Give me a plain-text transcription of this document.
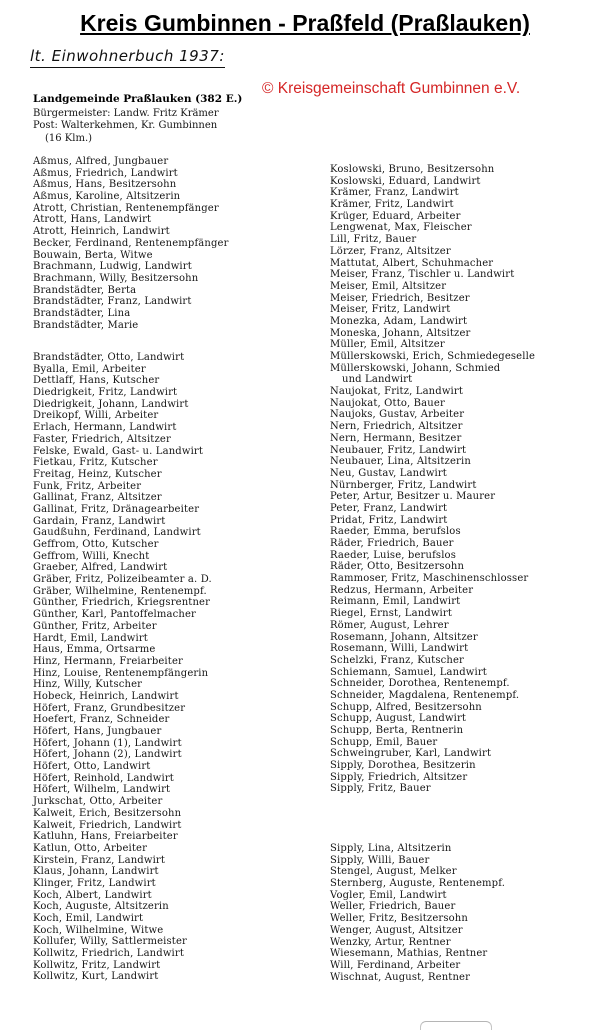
Kreis Gumbinnen - Praßfeld (Praßlauken)
lt. Einwohnerbuch 1937:
© Kreisgemeinschaft Gumbinnen e.V.
Landgemeinde Praßlauken (382 E.)
Bürgermeister: Landw. Fritz Krämer
Post: Walterkehmen, Kr. Gumbinnen
(16 Klm.)
Aßmus, Alfred, Jungbauer
Aßmus, Friedrich, Landwirt
Aßmus, Hans, Besitzersohn
Aßmus, Karoline, Altsitzerin
Atrott, Christian, Rentenempfänger
Atrott, Hans, Landwirt
Atrott, Heinrich, Landwirt
Becker, Ferdinand, Rentenempfänger
Bouwain, Berta, Witwe
Brachmann, Ludwig, Landwirt
Brachmann, Willy, Besitzersohn
Brandstädter, Berta
Brandstädter, Franz, Landwirt
Brandstädter, Lina
Brandstädter, Marie
Brandstädter, Otto, Landwirt
Byalla, Emil, Arbeiter
Dettlaff, Hans, Kutscher
Diedrigkeit, Fritz, Landwirt
Diedrigkeit, Johann, Landwirt
Dreikopf, Willi, Arbeiter
Erlach, Hermann, Landwirt
Faster, Friedrich, Altsitzer
Felske, Ewald, Gast- u. Landwirt
Fietkau, Fritz, Kutscher
Freitag, Heinz, Kutscher
Funk, Fritz, Arbeiter
Gallinat, Franz, Altsitzer
Gallinat, Fritz, Dränagearbeiter
Gardain, Franz, Landwirt
Gaudßuhn, Ferdinand, Landwirt
Geffrom, Otto, Kutscher
Geffrom, Willi, Knecht
Graeber, Alfred, Landwirt
Gräber, Fritz, Polizeibeamter a. D.
Gräber, Wilhelmine, Rentenempf.
Günther, Friedrich, Kriegsrentner
Günther, Karl, Pantoffelmacher
Günther, Fritz, Arbeiter
Hardt, Emil, Landwirt
Haus, Emma, Ortsarme
Hinz, Hermann, Freiarbeiter
Hinz, Louise, Rentenempfängerin
Hinz, Willy, Kutscher
Hobeck, Heinrich, Landwirt
Höfert, Franz, Grundbesitzer
Hoefert, Franz, Schneider
Höfert, Hans, Jungbauer
Höfert, Johann (1), Landwirt
Höfert, Johann (2), Landwirt
Höfert, Otto, Landwirt
Höfert, Reinhold, Landwirt
Höfert, Wilhelm, Landwirt
Jurkschat, Otto, Arbeiter
Kalweit, Erich, Besitzersohn
Kalweit, Friedrich, Landwirt
Katluhn, Hans, Freiarbeiter
Katlun, Otto, Arbeiter
Kirstein, Franz, Landwirt
Klaus, Johann, Landwirt
Klinger, Fritz, Landwirt
Koch, Albert, Landwirt
Koch, Auguste, Altsitzerin
Koch, Emil, Landwirt
Koch, Wilhelmine, Witwe
Kollufer, Willy, Sattlermeister
Kollwitz, Friedrich, Landwirt
Kollwitz, Fritz, Landwirt
Kollwitz, Kurt, Landwirt
Koslowski, Bruno, Besitzersohn
Koslowski, Eduard, Landwirt
Krämer, Franz, Landwirt
Krämer, Fritz, Landwirt
Krüger, Eduard, Arbeiter
Lengwenat, Max, Fleischer
Lill, Fritz, Bauer
Lörzer, Franz, Altsitzer
Mattutat, Albert, Schuhmacher
Meiser, Franz, Tischler u. Landwirt
Meiser, Emil, Altsitzer
Meiser, Friedrich, Besitzer
Meiser, Fritz, Landwirt
Monezka, Adam, Landwirt
Moneska, Johann, Altsitzer
Müller, Emil, Altsitzer
Müllerskowski, Erich, Schmiedegeselle
Müllerskowski, Johann, Schmied
und Landwirt
Naujokat, Fritz, Landwirt
Naujokat, Otto, Bauer
Naujoks, Gustav, Arbeiter
Nern, Friedrich, Altsitzer
Nern, Hermann, Besitzer
Neubauer, Fritz, Landwirt
Neubauer, Lina, Altsitzerin
Neu, Gustav, Landwirt
Nürnberger, Fritz, Landwirt
Peter, Artur, Besitzer u. Maurer
Peter, Franz, Landwirt
Pridat, Fritz, Landwirt
Raeder, Emma, berufslos
Räder, Friedrich, Bauer
Raeder, Luise, berufslos
Räder, Otto, Besitzersohn
Rammoser, Fritz, Maschinenschlosser
Redzus, Hermann, Arbeiter
Reimann, Emil, Landwirt
Riegel, Ernst, Landwirt
Römer, August, Lehrer
Rosemann, Johann, Altsitzer
Rosemann, Willi, Landwirt
Schelzki, Franz, Kutscher
Schiemann, Samuel, Landwirt
Schneider, Dorothea, Rentenempf.
Schneider, Magdalena, Rentenempf.
Schupp, Alfred, Besitzersohn
Schupp, August, Landwirt
Schupp, Berta, Rentnerin
Schupp, Emil, Bauer
Schweingruber, Karl, Landwirt
Sipply, Dorothea, Besitzerin
Sipply, Friedrich, Altsitzer
Sipply, Fritz, Bauer
Sipply, Lina, Altsitzerin
Sipply, Willi, Bauer
Stengel, August, Melker
Sternberg, Auguste, Rentenempf.
Vogler, Emil, Landwirt
Weller, Friedrich, Bauer
Weller, Fritz, Besitzersohn
Wenger, August, Altsitzer
Wenzky, Artur, Rentner
Wiesemann, Mathias, Rentner
Will, Ferdinand, Arbeiter
Wischnat, August, Rentner
